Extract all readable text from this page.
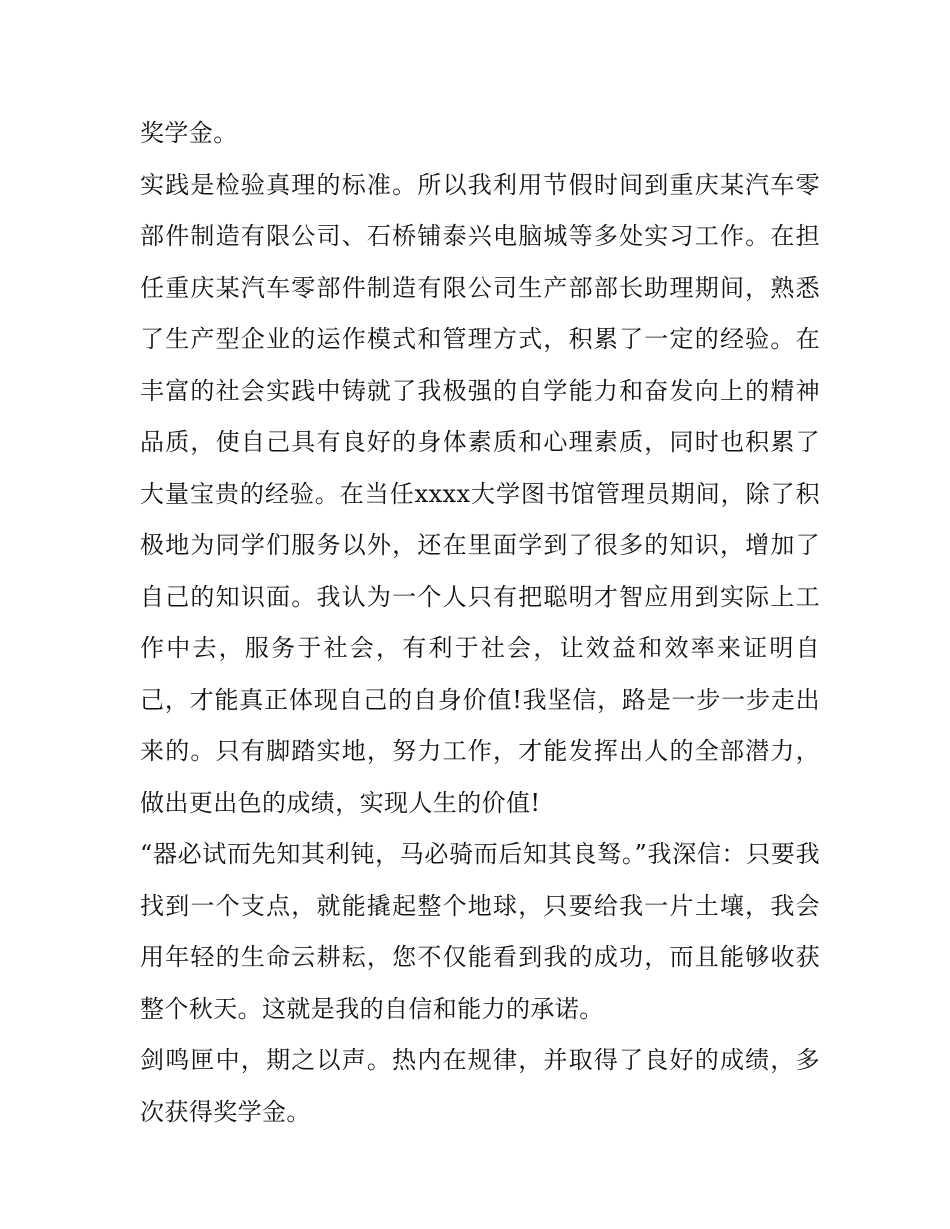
奖学金。

实践是检验真理的标准。所以我利用节假时间到重庆某汽车零部件制造有限公司、石桥铺泰兴电脑城等多处实习工作。在担任重庆某汽车零部件制造有限公司生产部部长助理期间，熟悉了生产型企业的运作模式和管理方式，积累了一定的经验。在丰富的社会实践中铸就了我极强的自学能力和奋发向上的精神品质，使自己具有良好的身体素质和心理素质，同时也积累了大量宝贵的经验。在当任xxxx大学图书馆管理员期间，除了积极地为同学们服务以外，还在里面学到了很多的知识，增加了自己的知识面。我认为一个人只有把聪明才智应用到实际上工作中去，服务于社会，有利于社会，让效益和效率来证明自己，才能真正体现自己的自身价值!我坚信，路是一步一步走出来的。只有脚踏实地，努力工作，才能发挥出人的全部潜力，做出更出色的成绩，实现人生的价值!

“器必试而先知其利钝，马必骑而后知其良驽。”我深信：只要我找到一个支点，就能撬起整个地球，只要给我一片土壤，我会用年轻的生命云耕耘，您不仅能看到我的成功，而且能够收获整个秋天。这就是我的自信和能力的承诺。

剑鸣匣中，期之以声。热内在规律，并取得了良好的成绩，多次获得奖学金。
